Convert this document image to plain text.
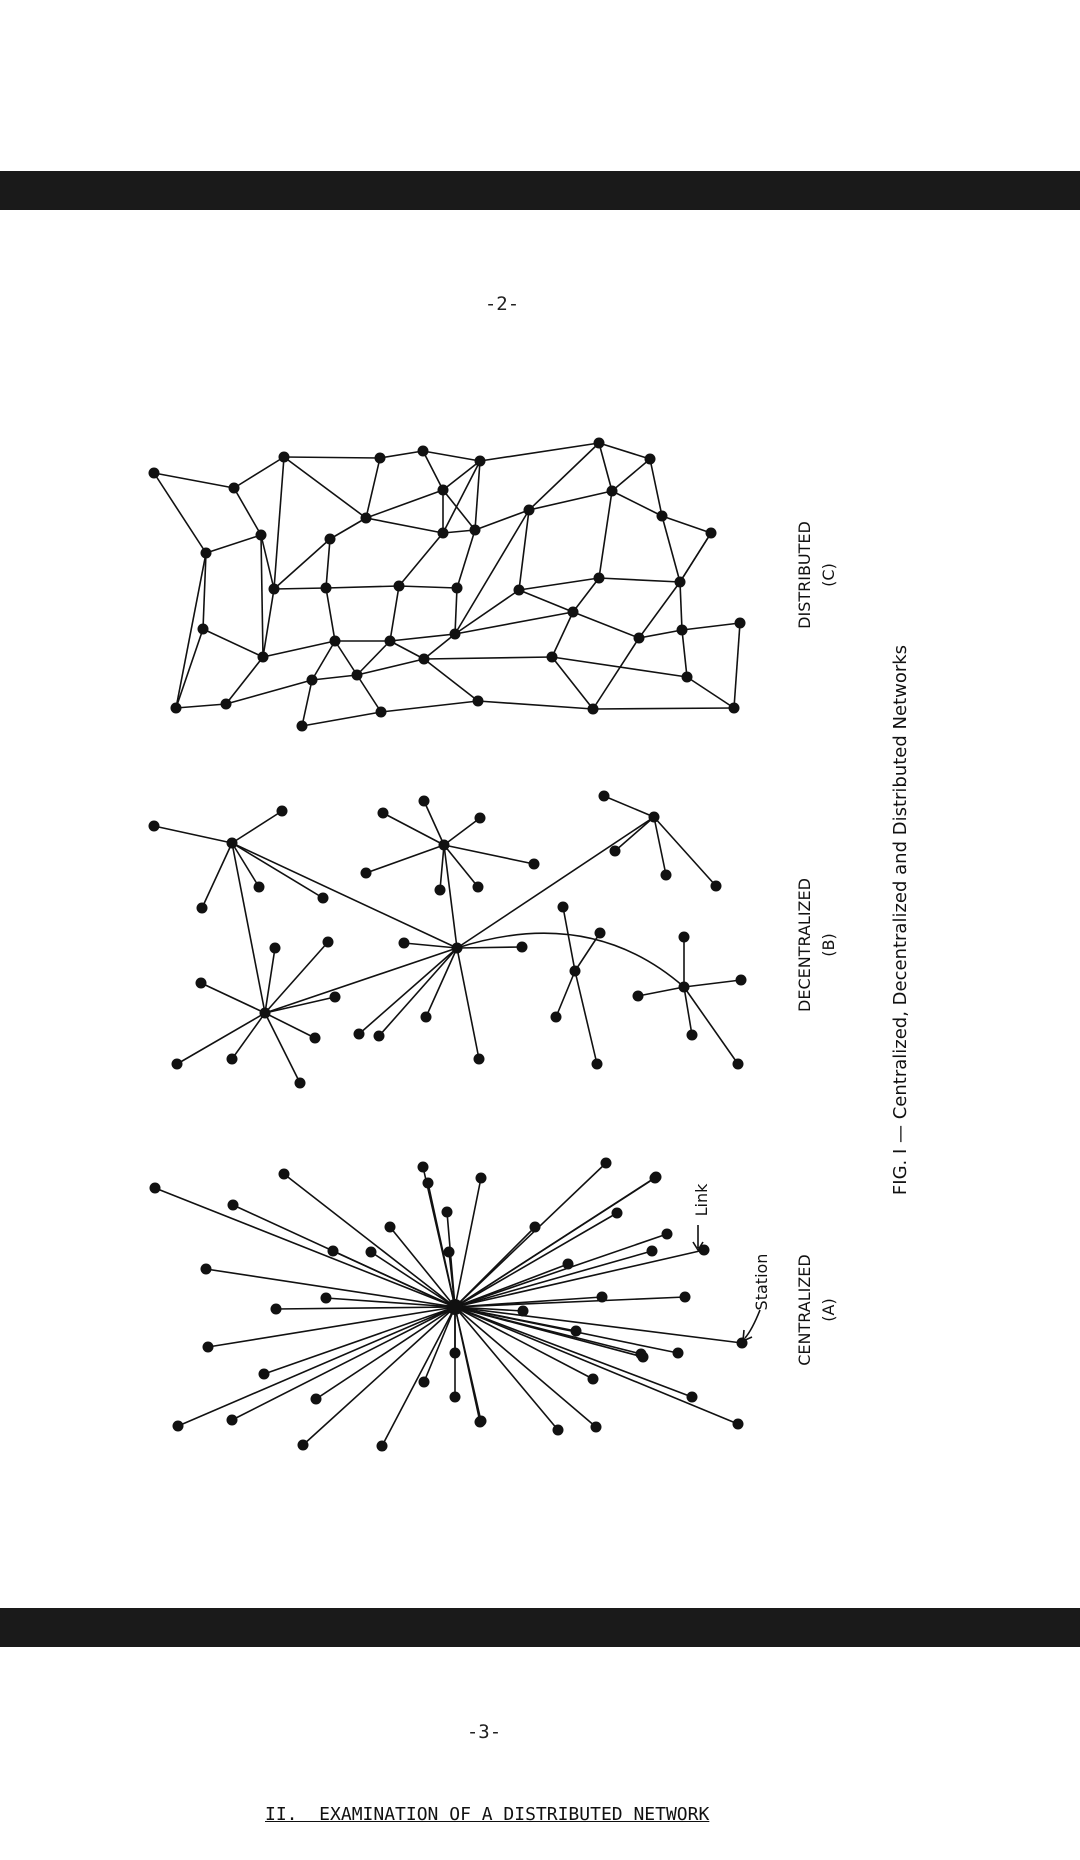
-2-
CENTRALIZED (A)
DECENTRALIZED (B)
DISTRIBUTED (C)
Link
Station
FIG. I — Centralized, Decentralized and Distributed Networks
-3-
II.  EXAMINATION OF A DISTRIBUTED NETWORK
